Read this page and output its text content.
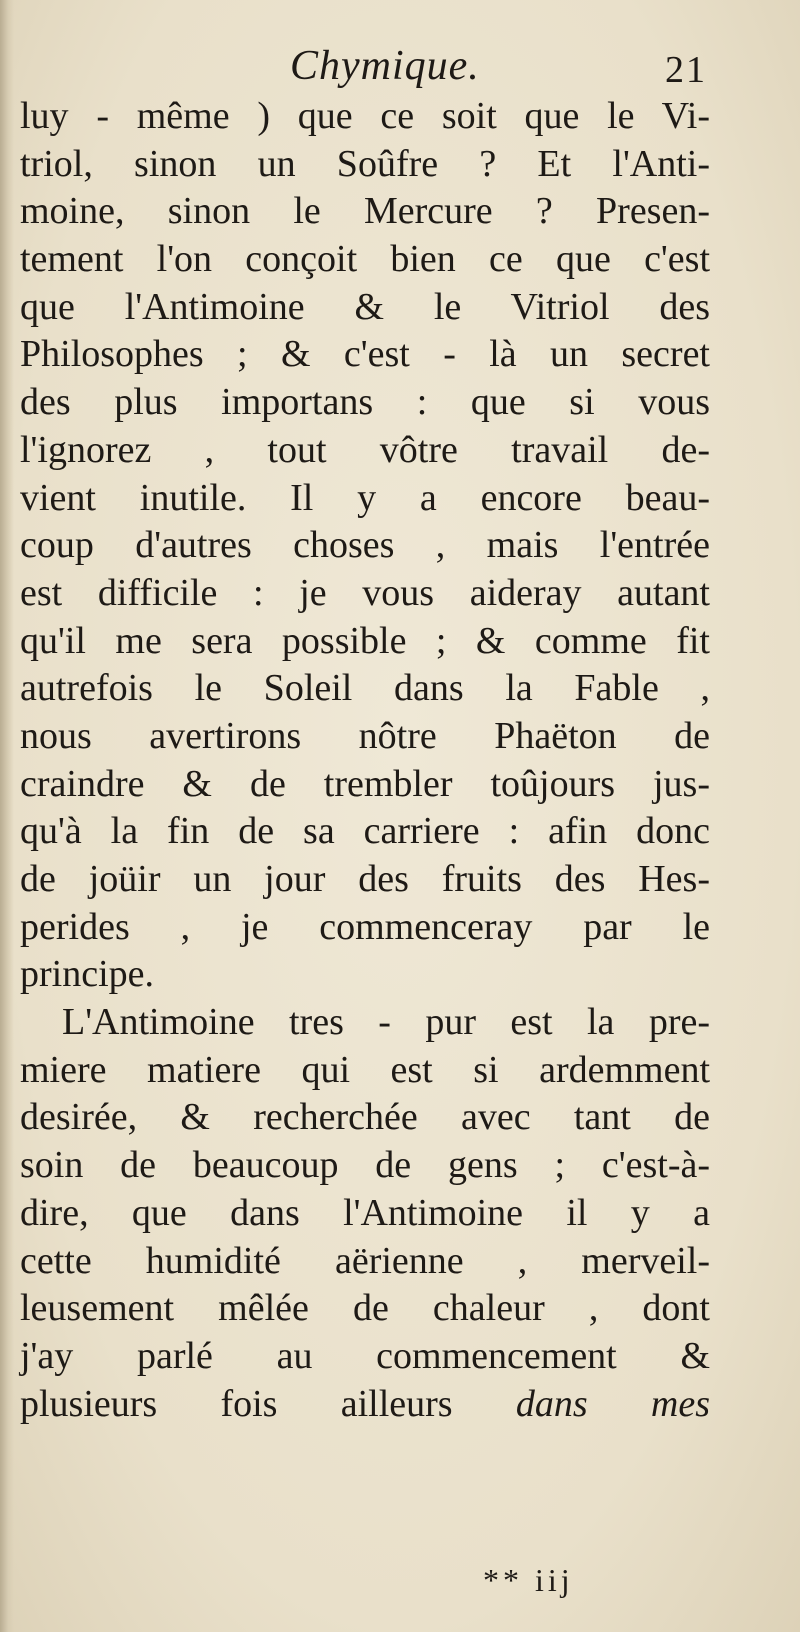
Chymique.	21
luy - même ) que ce soit que le Vi-
triol, sinon un Soûfre ? Et l'Anti-
moine, sinon le Mercure ? Presen-
tement l'on conçoit bien ce que c'est
que l'Antimoine & le Vitriol des
Philosophes ; & c'est - là un secret
des plus importans : que si vous
l'ignorez , tout vôtre travail de-
vient inutile. Il y a encore beau-
coup d'autres choses , mais l'entrée
est difficile : je vous aideray autant
qu'il me sera possible ; & comme fit
autrefois le Soleil dans la Fable ,
nous avertirons nôtre Phaëton de
craindre & de trembler toûjours jus-
qu'à la fin de sa carriere : afin donc
de joüir un jour des fruits des Hes-
perides , je commenceray par le
principe.
L'Antimoine tres - pur est la pre-
miere matiere qui est si ardemment
desirée, & recherchée avec tant de
soin de beaucoup de gens ; c'est-à-
dire, que dans l'Antimoine il y a
cette humidité aërienne , merveil-
leusement mêlée de chaleur , dont
j'ay parlé au commencement &
plusieurs fois ailleurs dans mes
** iij
